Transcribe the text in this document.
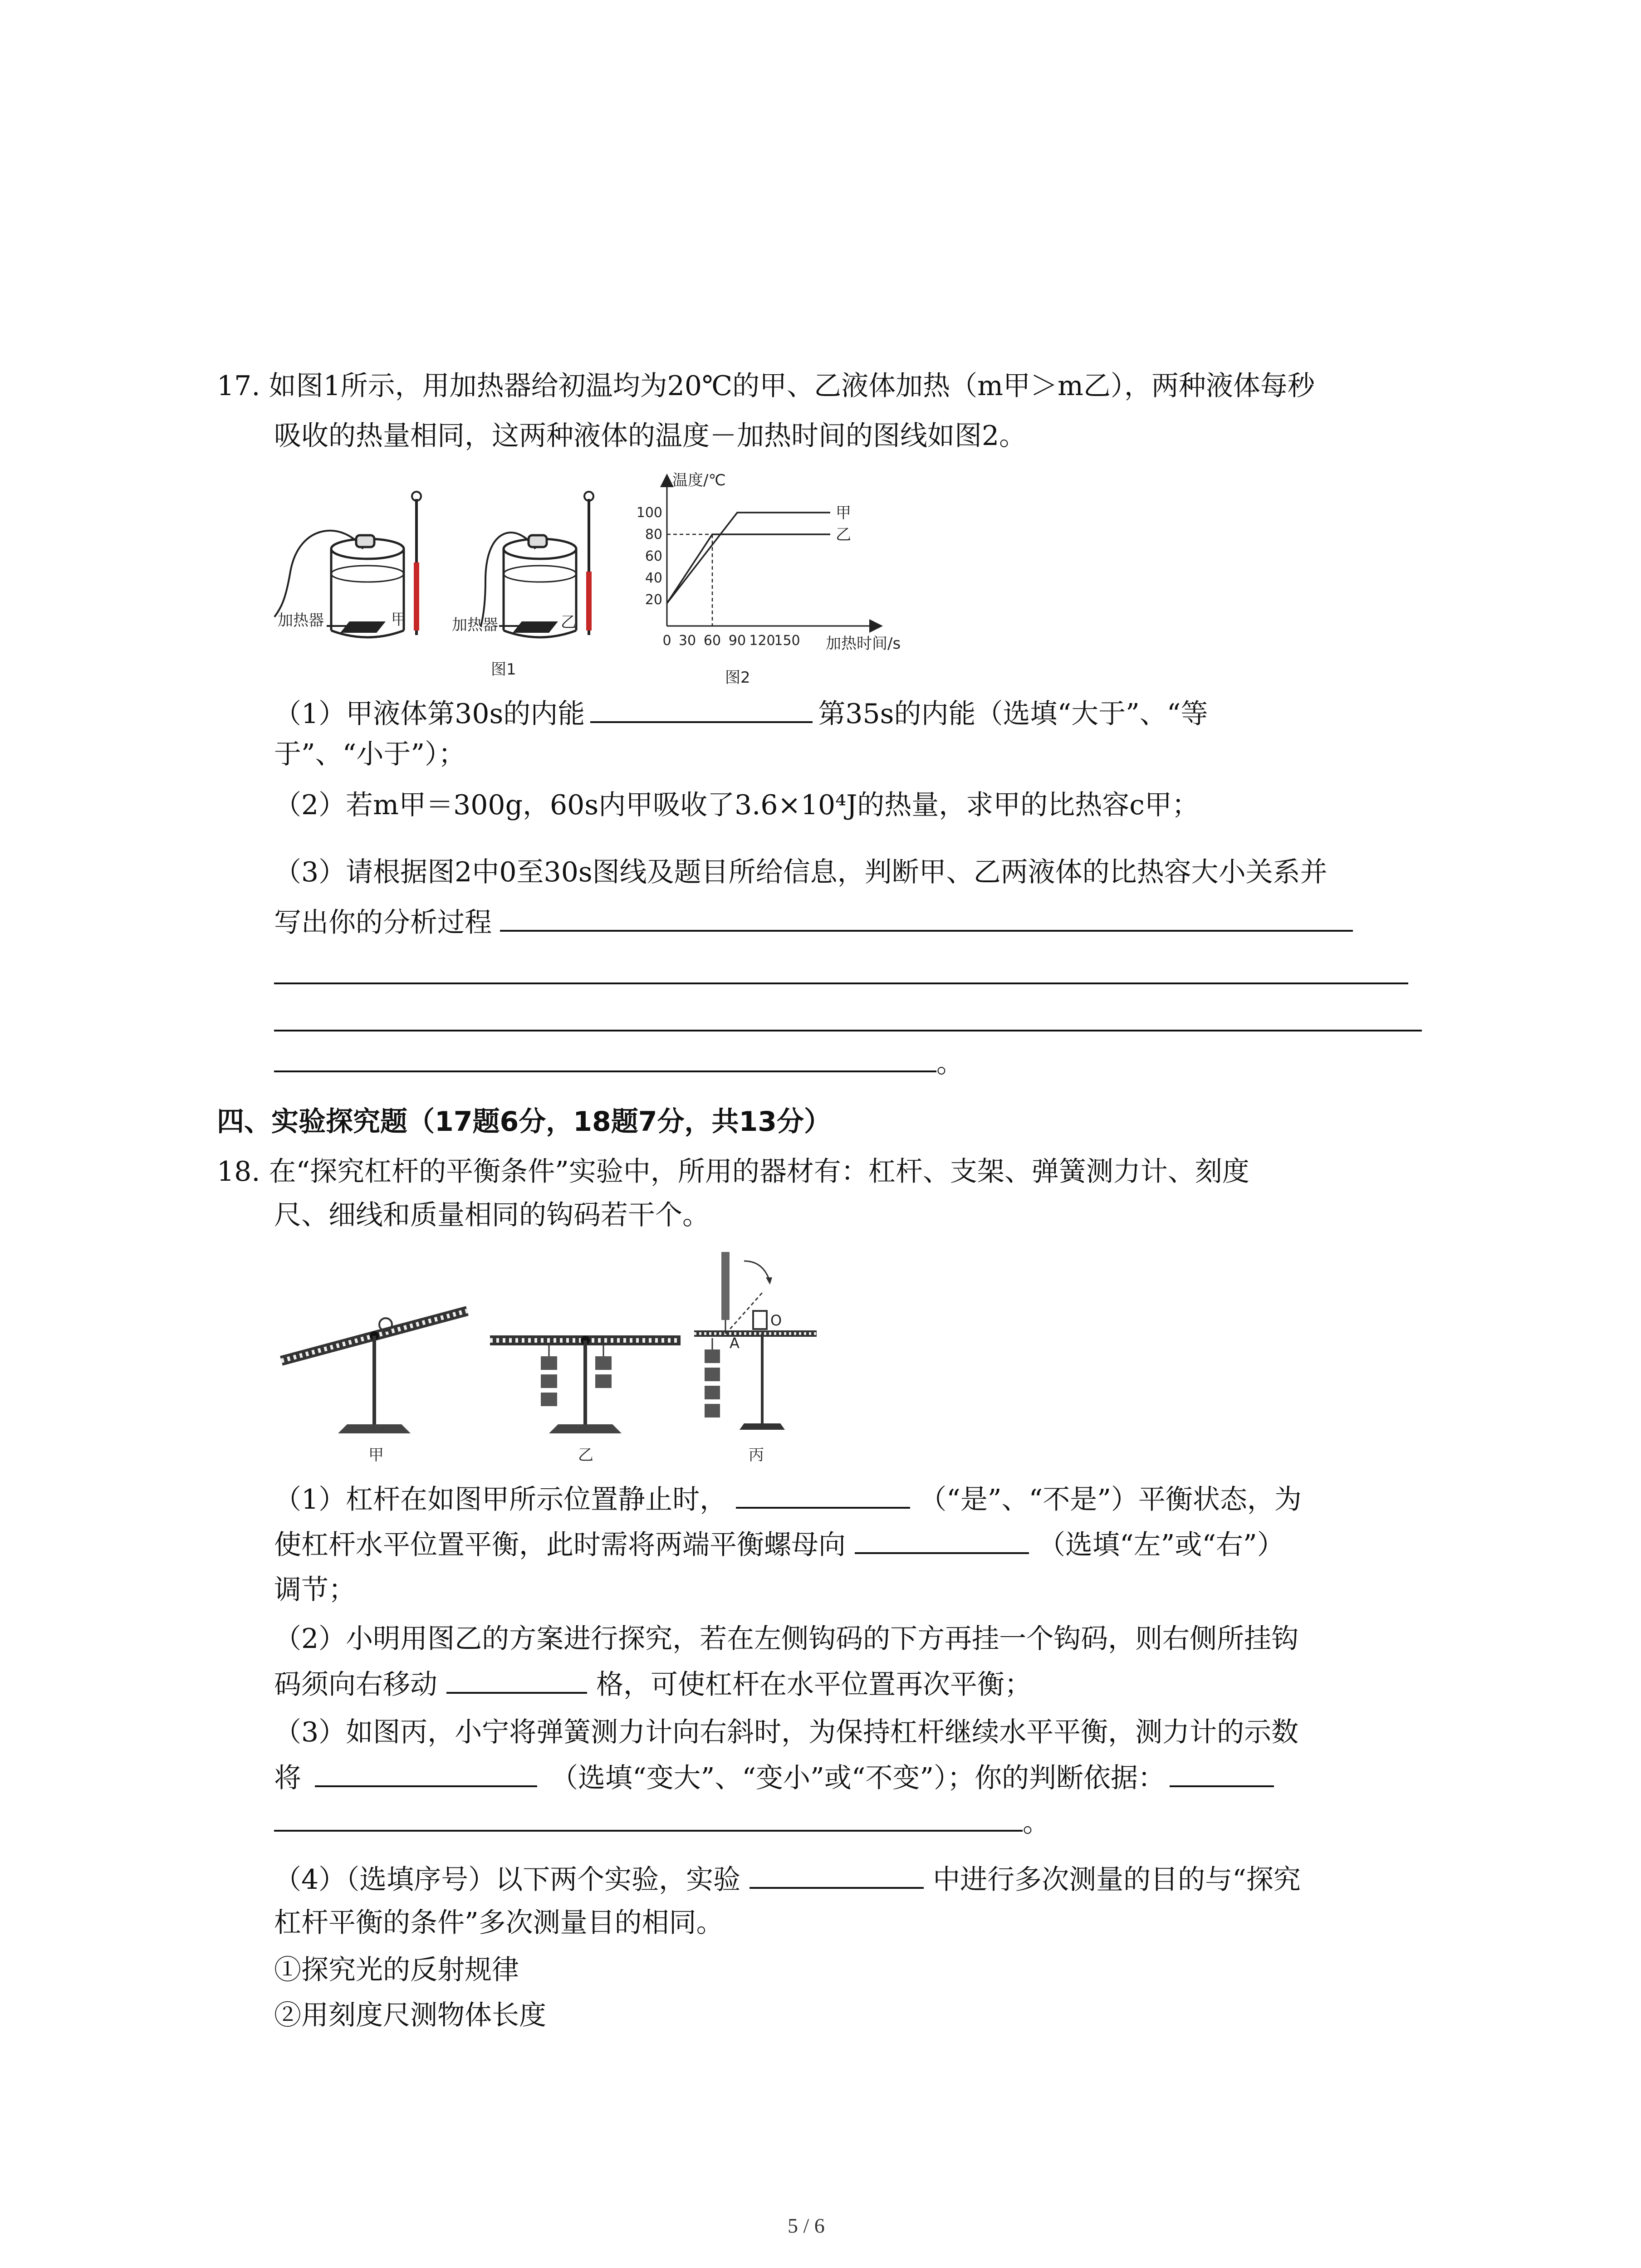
17. 如图1所示，用加热器给初温均为20℃的甲、乙液体加热（m甲＞m乙），两种液体每秒
吸收的热量相同，这两种液体的温度－加热时间的图线如图2。
加热器	加热器
甲	乙
图1
温度/℃
100
80
60
40
20
0 30 60 90 120
150 加热时间/s
甲
乙
图2
（1）甲液体第30s的内能	第35s的内能（选填“大于”、“等
于”、“小于”）；
（2）若m甲＝300g，60s内甲吸收了3.6×10⁴J的热量，求甲的比热容c甲；
（3）请根据图2中0至30s图线及题目所给信息，判断甲、乙两液体的比热容大小关系并
写出你的分析过程
。
四、实验探究题（17题6分，18题7分，共13分）
18. 在“探究杠杆的平衡条件”实验中，所用的器材有：杠杆、支架、弹簧测力计、刻度
尺、细线和质量相同的钩码若干个。
O
A
甲	乙	丙
（1）杠杆在如图甲所示位置静止时，	（“是”、“不是”）平衡状态，为
使杠杆水平位置平衡，此时需将两端平衡螺母向	（选填“左”或“右”）
调节；
（2）小明用图乙的方案进行探究，若在左侧钩码的下方再挂一个钩码，则右侧所挂钩
码须向右移动	格，可使杠杆在水平位置再次平衡；
（3）如图丙，小宁将弹簧测力计向右斜时，为保持杠杆继续水平平衡，测力计的示数
将	（选填“变大”、“变小”或“不变”）；你的判断依据：
。
（4）（选填序号）以下两个实验，实验	中进行多次测量的目的与“探究
杠杆平衡的条件”多次测量目的相同。
①探究光的反射规律
②用刻度尺测物体长度
5 / 6
